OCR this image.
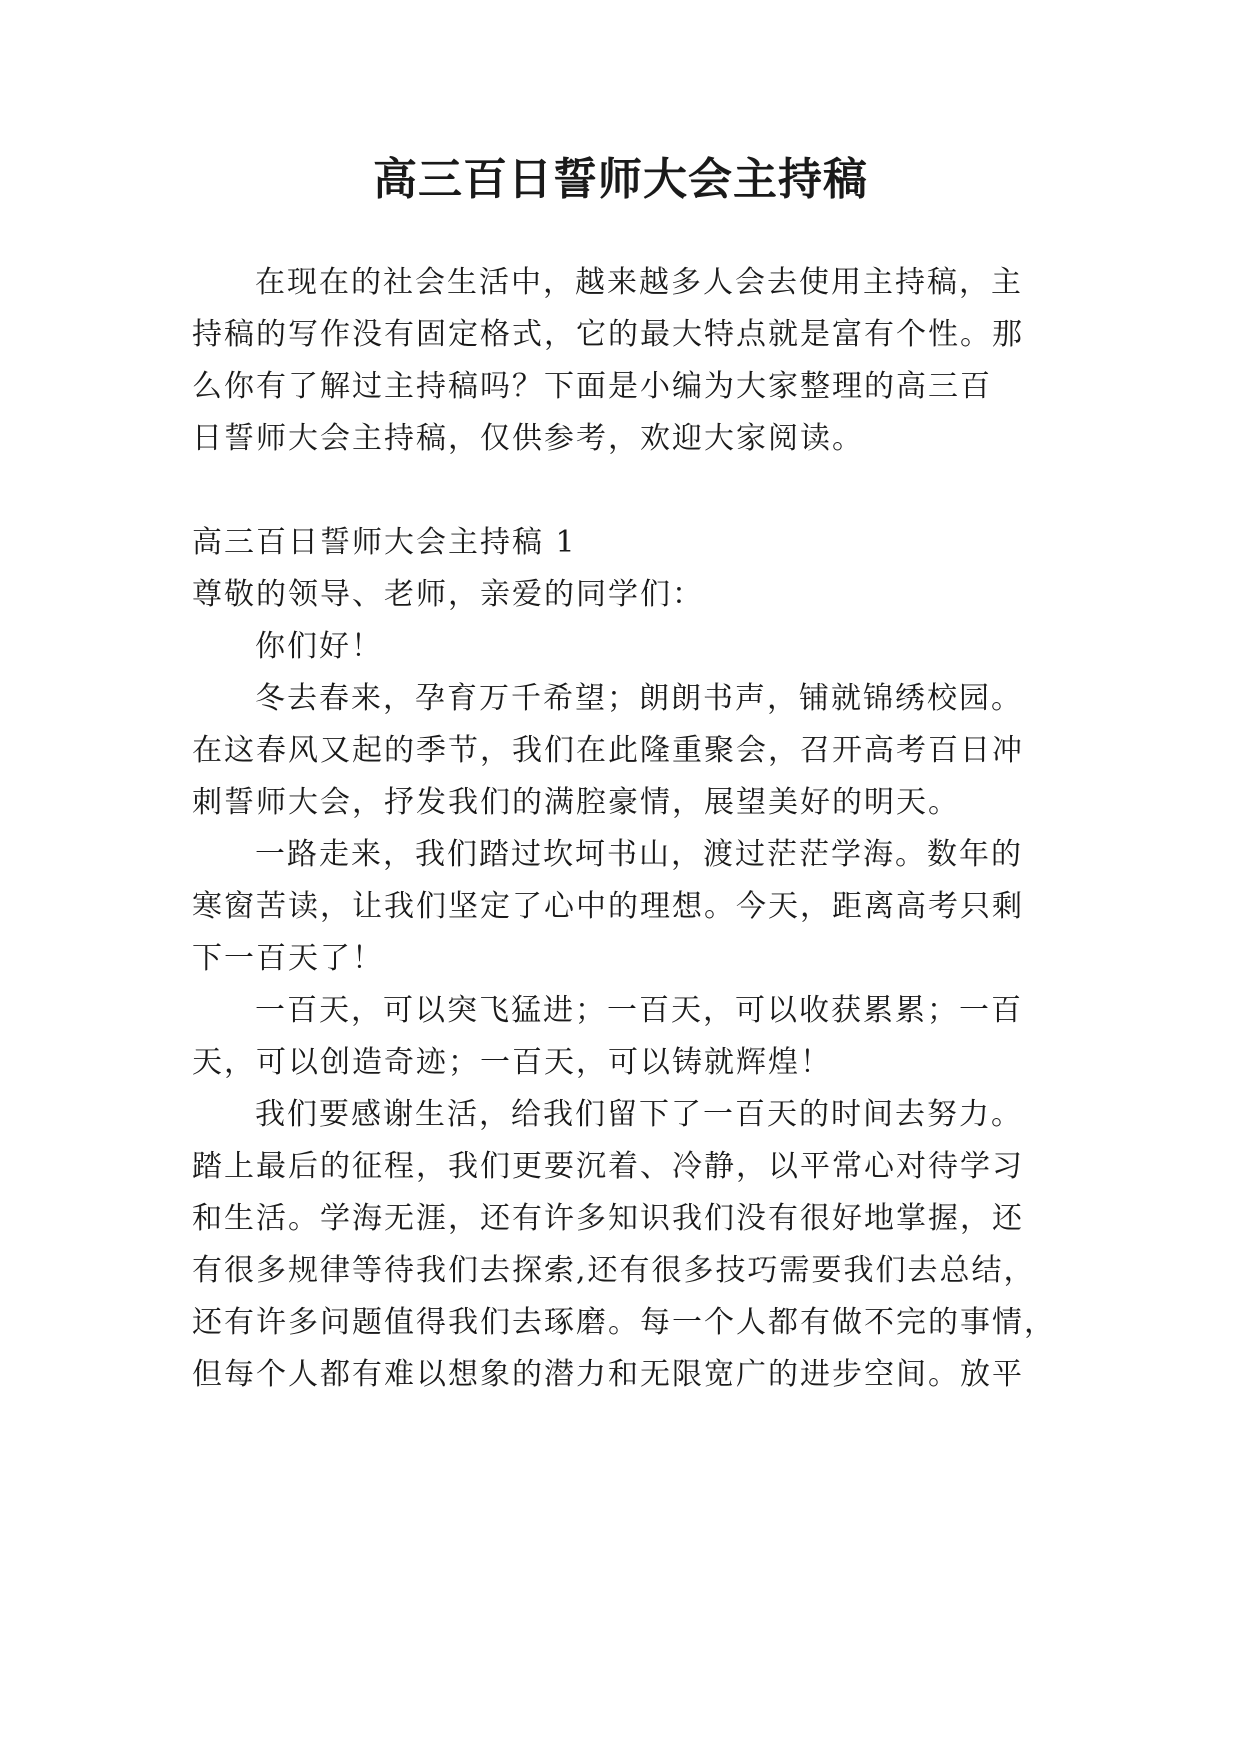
高三百日誓师大会主持稿

在现在的社会生活中，越来越多人会去使用主持稿，主

持稿的写作没有固定格式，它的最大特点就是富有个性。那

么你有了解过主持稿吗？下面是小编为大家整理的高三百

日誓师大会主持稿，仅供参考，欢迎大家阅读。

高三百日誓师大会主持稿 1

尊敬的领导、老师，亲爱的同学们：

你们好！

冬去春来，孕育万千希望；朗朗书声，铺就锦绣校园。

在这春风又起的季节，我们在此隆重聚会，召开高考百日冲

刺誓师大会，抒发我们的满腔豪情，展望美好的明天。

一路走来，我们踏过坎坷书山，渡过茫茫学海。数年的

寒窗苦读，让我们坚定了心中的理想。今天，距离高考只剩

下一百天了！

一百天，可以突飞猛进；一百天，可以收获累累；一百

天，可以创造奇迹；一百天，可以铸就辉煌！

我们要感谢生活，给我们留下了一百天的时间去努力。

踏上最后的征程，我们更要沉着、冷静，以平常心对待学习

和生活。学海无涯，还有许多知识我们没有很好地掌握，还

有很多规律等待我们去探索,还有很多技巧需要我们去总结，

还有许多问题值得我们去琢磨。每一个人都有做不完的事情，

但每个人都有难以想象的潜力和无限宽广的进步空间。放平
